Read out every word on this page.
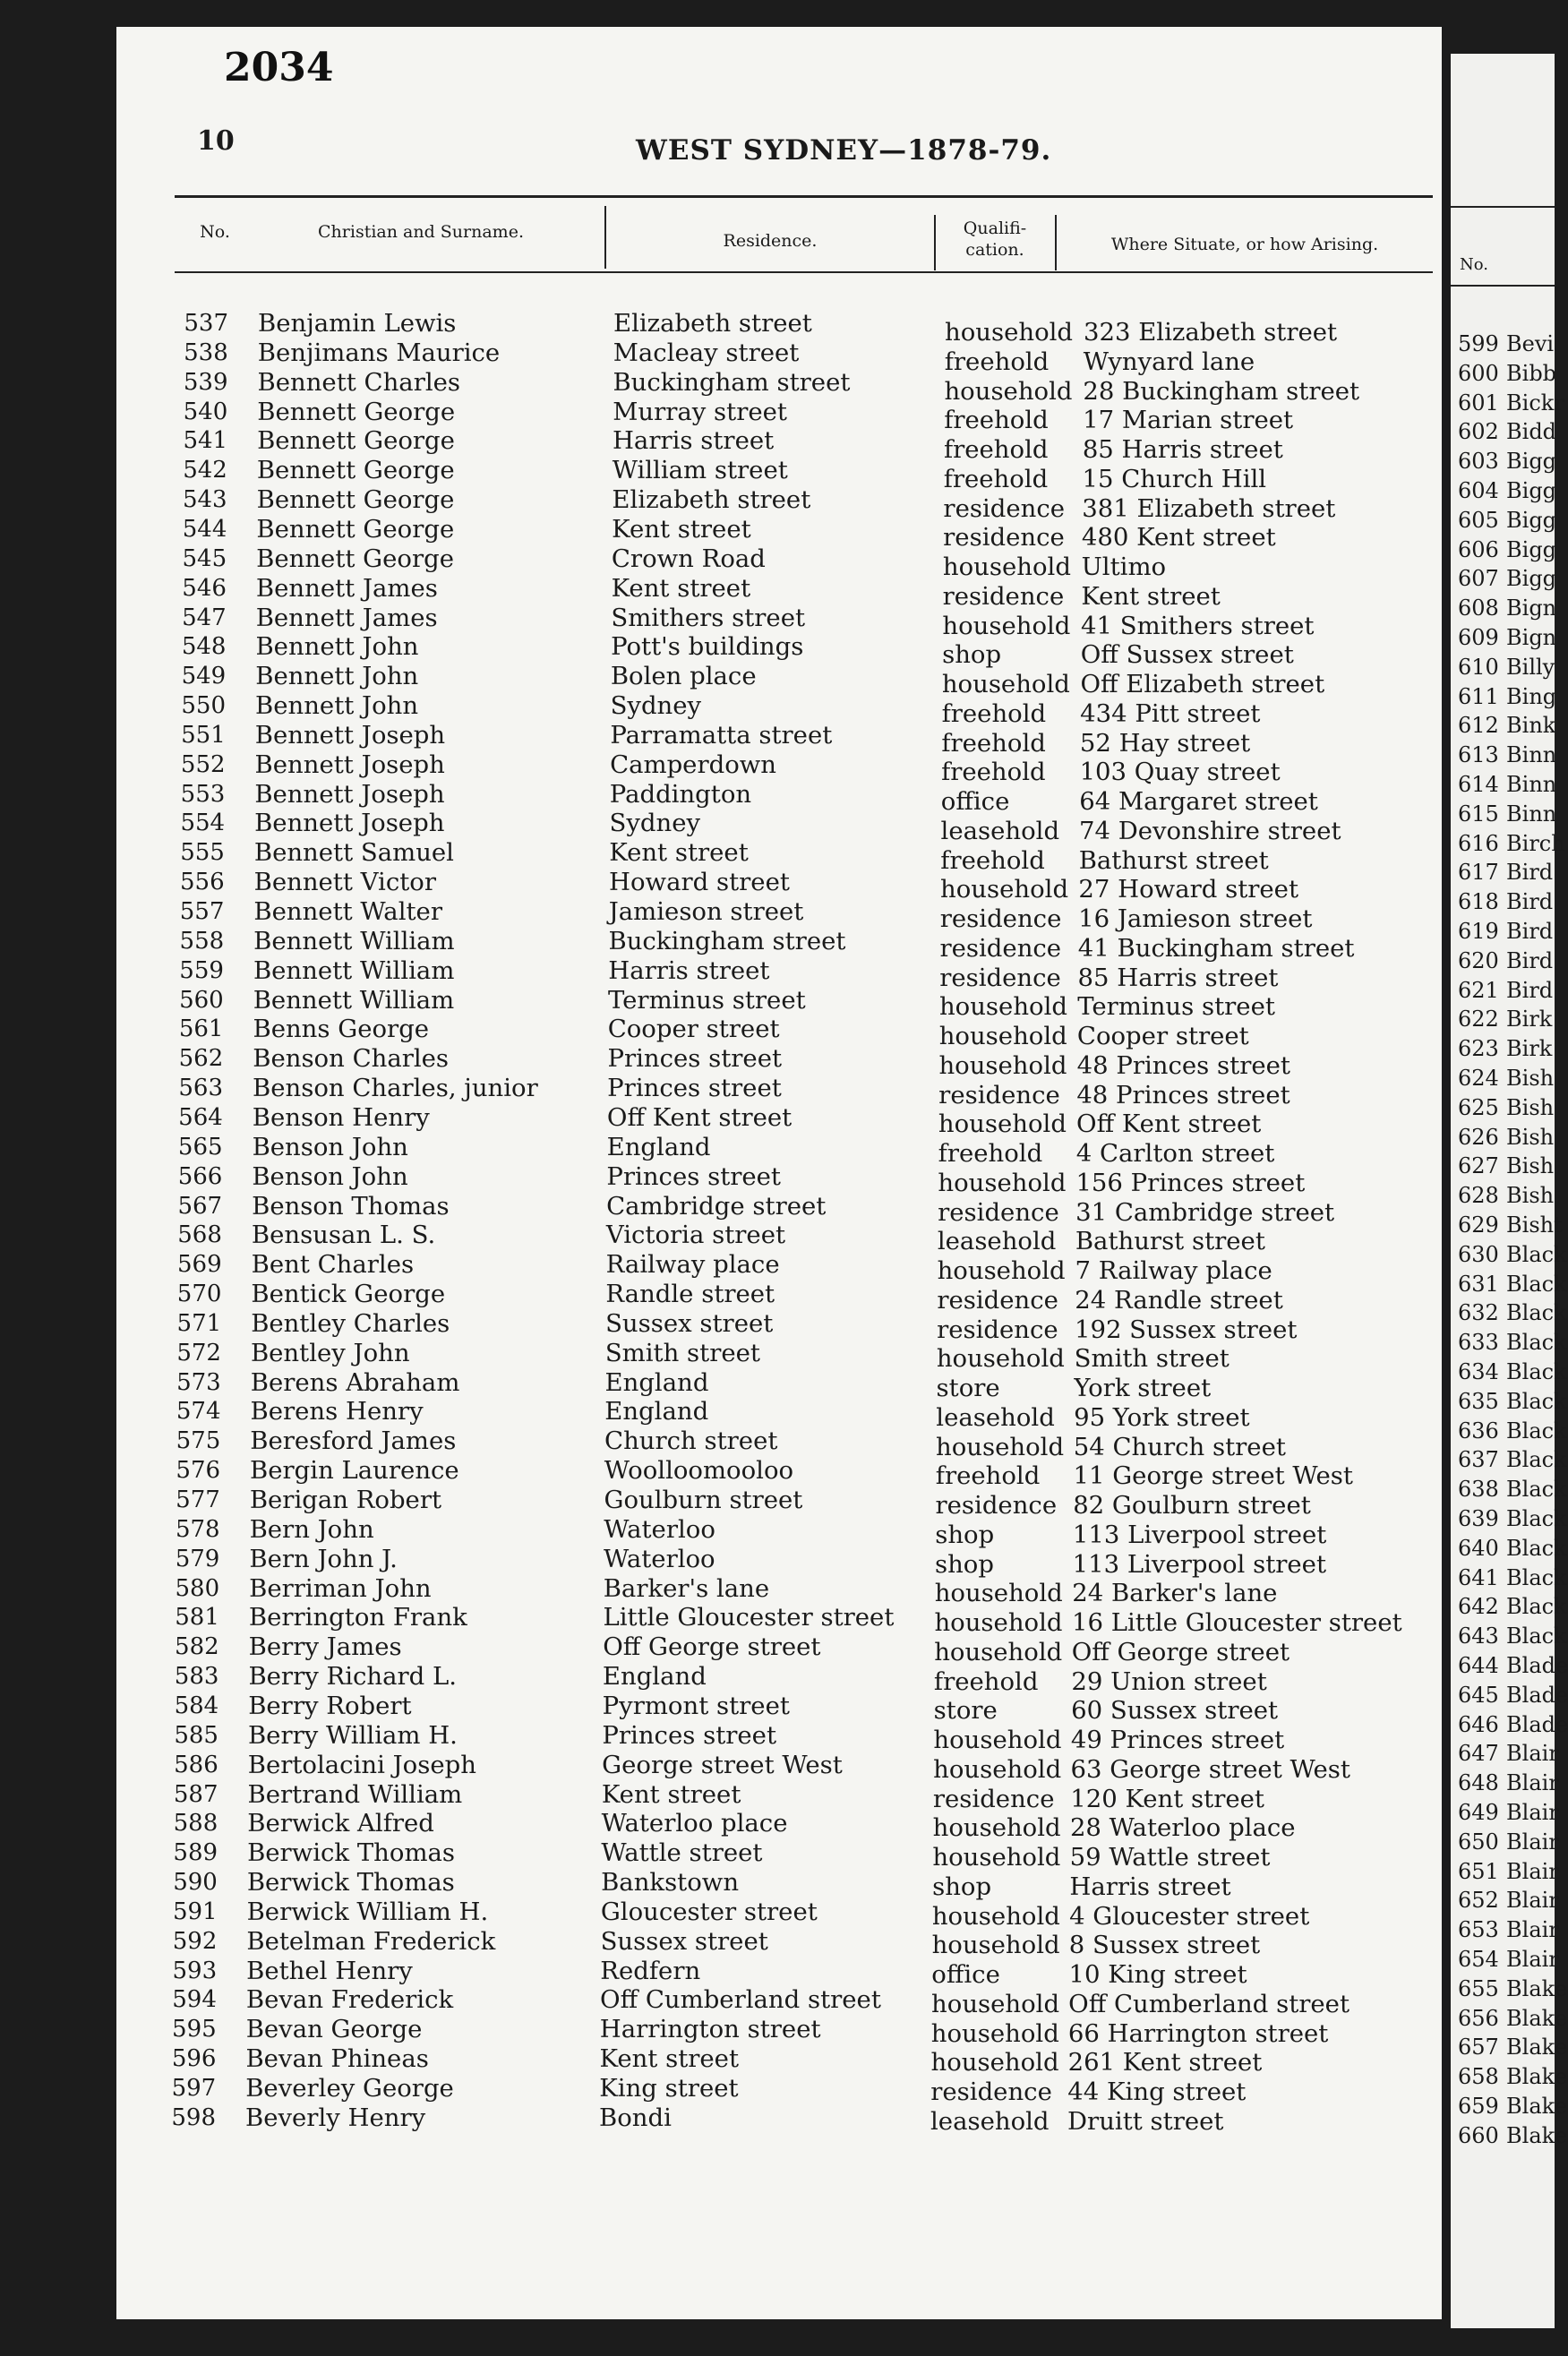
2034
10	WEST SYDNEY—1878-79.
No.	Christian and Surname.	Residence.
Qualifi-
cation.	Where Situate, or how Arising.
537 Benjamin Lewis	Elizabeth street	household 323 Elizabeth street
538 Benjimans Maurice	Macleay street	freehold Wynyard lane
539 Bennett Charles	Buckingham street	household 28 Buckingham street
540 Bennett George	Murray street	freehold 17 Marian street
541 Bennett George	Harris street	freehold 85 Harris street
542 Bennett George	William street	freehold 15 Church Hill
543 Bennett George	Elizabeth street	residence 381 Elizabeth street
544 Bennett George	Kent street	residence 480 Kent street
545 Bennett George	Crown Road	household Ultimo
546 Bennett James	Kent street	residence Kent street
547 Bennett James	Smithers street	household 41 Smithers street
548 Bennett John	Pott's buildings	shop	Off Sussex street
549 Bennett John	Bolen place	household Off Elizabeth street
550 Bennett John	Sydney	freehold 434 Pitt street
551 Bennett Joseph	Parramatta street	freehold 52 Hay street
552 Bennett Joseph	Camperdown	freehold 103 Quay street
553 Bennett Joseph	Paddington	office	64 Margaret street
554 Bennett Joseph	Sydney	leasehold 74 Devonshire street
555 Bennett Samuel	Kent street	freehold Bathurst street
556 Bennett Victor	Howard street	household 27 Howard street
557 Bennett Walter	Jamieson street	residence 16 Jamieson street
558 Bennett William	Buckingham street	residence 41 Buckingham street
559 Bennett William	Harris street	residence 85 Harris street
560 Bennett William	Terminus street	household Terminus street
561 Benns George	Cooper street	household Cooper street
562 Benson Charles	Princes street	household 48 Princes street
563 Benson Charles, junior	Princes street	residence 48 Princes street
564 Benson Henry	Off Kent street	household Off Kent street
565 Benson John	England	freehold 4 Carlton street
566 Benson John	Princes street	household 156 Princes street
567 Benson Thomas	Cambridge street	residence 31 Cambridge street
568 Bensusan L. S.	Victoria street	leasehold Bathurst street
569 Bent Charles	Railway place	household 7 Railway place
570 Bentick George	Randle street	residence 24 Randle street
571 Bentley Charles	Sussex street	residence 192 Sussex street
572 Bentley John	Smith street	household Smith street
573 Berens Abraham	England	store	York street
574 Berens Henry	England	leasehold 95 York street
575 Beresford James	Church street	household 54 Church street
576 Bergin Laurence	Woolloomooloo	freehold 11 George street West
577 Berigan Robert	Goulburn street	residence 82 Goulburn street
578 Bern John	Waterloo	shop	113 Liverpool street
579 Bern John J.	Waterloo	shop	113 Liverpool street
580 Berriman John	Barker's lane	household 24 Barker's lane
581 Berrington Frank	Little Gloucester street household 16 Little Gloucester street
582 Berry James	Off George street	household Off George street
583 Berry Richard L.	England	freehold 29 Union street
584 Berry Robert	Pyrmont street	store	60 Sussex street
585 Berry William H.	Princes street	household 49 Princes street
586 Bertolacini Joseph	George street West	household 63 George street West
587 Bertrand William	Kent street	residence 120 Kent street
588 Berwick Alfred	Waterloo place	household 28 Waterloo place
589 Berwick Thomas	Wattle street	household 59 Wattle street
590 Berwick Thomas	Bankstown	shop	Harris street
591 Berwick William H.	Gloucester street	household 4 Gloucester street
592 Betelman Frederick	Sussex street	household 8 Sussex street
593 Bethel Henry	Redfern	office	10 King street
594 Bevan Frederick	Off Cumberland street household Off Cumberland street
595 Bevan George	Harrington street	household 66 Harrington street
596 Bevan Phineas	Kent street	household 261 Kent street
597 Beverley George	King street	residence 44 King street
598 Beverly Henry	Bondi	leasehold Druitt street
No.
599 Bevi
600 Bibb
601 Bickr
602 Bidd
603 Bigg
604 Bigg
605 Bigg
606 Bigg
607 Bigg
608 Bign
609 Bign
610 Billy
611 Bing
612 Bink
613 Binn
614 Binn
615 Binn
616 Birch
617 Bird
618 Bird
619 Bird
620 Bird
621 Bird
622 Birk
623 Birk
624 Bish
625 Bish
626 Bish
627 Bish
628 Bish
629 Bisht
630 Black
631 Black
632 Black
633 Black
634 Black
635 Black
636 Black
637 Black
638 Black
639 Black
640 Black
641 Black
642 Black
643 Black
644 Blade
645 Blade
646 Blade
647 Blair
648 Blair
649 Blair
650 Blair
651 Blair
652 Blair
653 Blair
654 Blair
655 Blake
656 Blake
657 Blake
658 Blake
659 Blake
660 Blake
